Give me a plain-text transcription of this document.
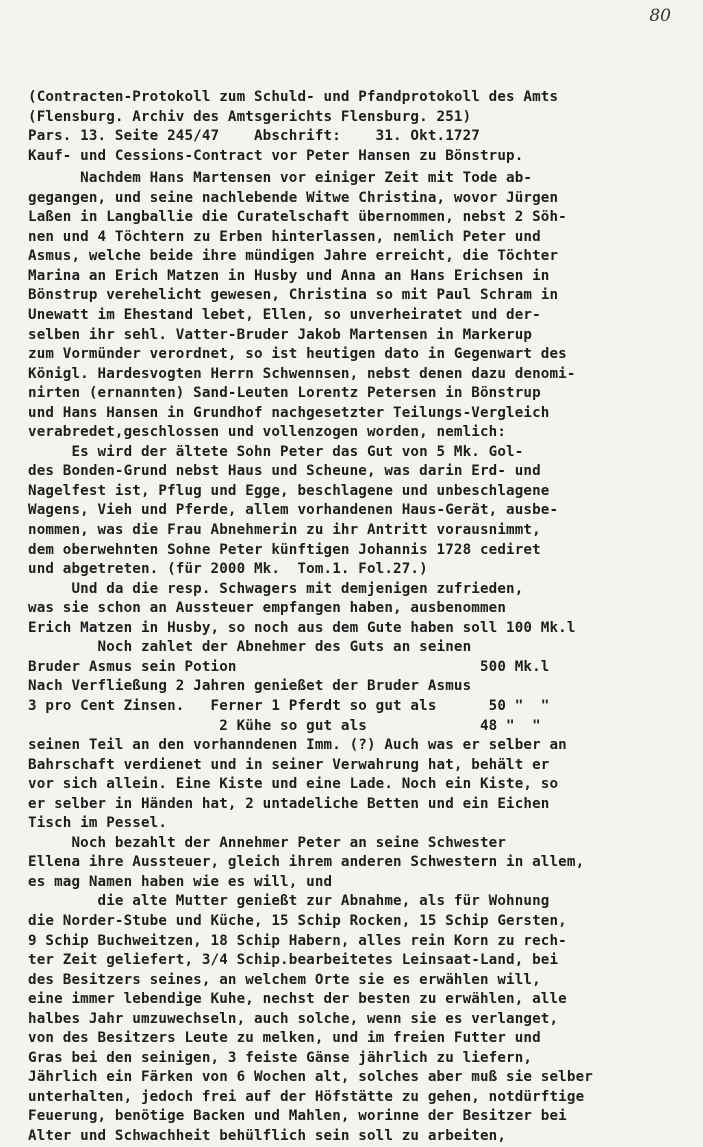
80
(Contracten-Protokoll zum Schuld- und Pfandprotokoll des Amts
(Flensburg. Archiv des Amtsgerichts Flensburg. 251)
Pars. 13. Seite 245/47    Abschrift:    31. Okt.1727
Kauf- und Cessions-Contract vor Peter Hansen zu Bönstrup.
Nachdem Hans Martensen vor einiger Zeit mit Tode ab-
gegangen, und seine nachlebende Witwe Christina, wovor Jürgen
Laßen in Langballie die Curatelschaft übernommen, nebst 2 Söh-
nen und 4 Töchtern zu Erben hinterlassen, nemlich Peter und
Asmus, welche beide ihre mündigen Jahre erreicht, die Töchter
Marina an Erich Matzen in Husby und Anna an Hans Erichsen in
Bönstrup verehelicht gewesen, Christina so mit Paul Schram in
Unewatt im Ehestand lebet, Ellen, so unverheiratet und der-
selben ihr sehl. Vatter-Bruder Jakob Martensen in Markerup
zum Vormünder verordnet, so ist heutigen dato in Gegenwart des
Königl. Hardesvogten Herrn Schwennsen, nebst denen dazu denomi-
nirten (ernannten) Sand-Leuten Lorentz Petersen in Bönstrup
und Hans Hansen in Grundhof nachgesetzter Teilungs-Vergleich
verabredet,geschlossen und vollenzogen worden, nemlich:
Es wird der ältete Sohn Peter das Gut von 5 Mk. Gol-
des Bonden-Grund nebst Haus und Scheune, was darin Erd- und
Nagelfest ist, Pflug und Egge, beschlagene und unbeschlagene
Wagens, Vieh und Pferde, allem vorhandenen Haus-Gerät, ausbe-
nommen, was die Frau Abnehmerin zu ihr Antritt vorausnimmt,
dem oberwehnten Sohne Peter künftigen Johannis 1728 cediret
und abgetreten. (für 2000 Mk.  Tom.1. Fol.27.)
Und da die resp. Schwagers mit demjenigen zufrieden,
was sie schon an Aussteuer empfangen haben, ausbenommen
Erich Matzen in Husby, so noch aus dem Gute haben soll 100 Mk.l
Noch zahlet der Abnehmer des Guts an seinen
Bruder Asmus sein Potion                            500 Mk.l
Nach Verfließung 2 Jahren genießet der Bruder Asmus
3 pro Cent Zinsen.   Ferner 1 Pferdt so gut als      50 "  "
2 Kühe so gut als             48 "  "
seinen Teil an den vorhanndenen Imm. (?) Auch was er selber an
Bahrschaft verdienet und in seiner Verwahrung hat, behält er
vor sich allein. Eine Kiste und eine Lade. Noch ein Kiste, so
er selber in Händen hat, 2 untadeliche Betten und ein Eichen
Tisch im Pessel.
Noch bezahlt der Annehmer Peter an seine Schwester
Ellena ihre Aussteuer, gleich ihrem anderen Schwestern in allem,
es mag Namen haben wie es will, und
die alte Mutter genießt zur Abnahme, als für Wohnung
die Norder-Stube und Küche, 15 Schip Rocken, 15 Schip Gersten,
9 Schip Buchweitzen, 18 Schip Habern, alles rein Korn zu rech-
ter Zeit geliefert, 3/4 Schip.bearbeitetes Leinsaat-Land, bei
des Besitzers seines, an welchem Orte sie es erwählen will,
eine immer lebendige Kuhe, nechst der besten zu erwählen, alle
halbes Jahr umzuwechseln, auch solche, wenn sie es verlanget,
von des Besitzers Leute zu melken, und im freien Futter und
Gras bei den seinigen, 3 feiste Gänse jährlich zu liefern,
Jährlich ein Färken von 6 Wochen alt, solches aber muß sie selber
unterhalten, jedoch frei auf der Höfstätte zu gehen, notdürftige
Feuerung, benötige Backen und Mahlen, worinne der Besitzer bei
Alter und Schwachheit behülflich sein soll zu arbeiten,
